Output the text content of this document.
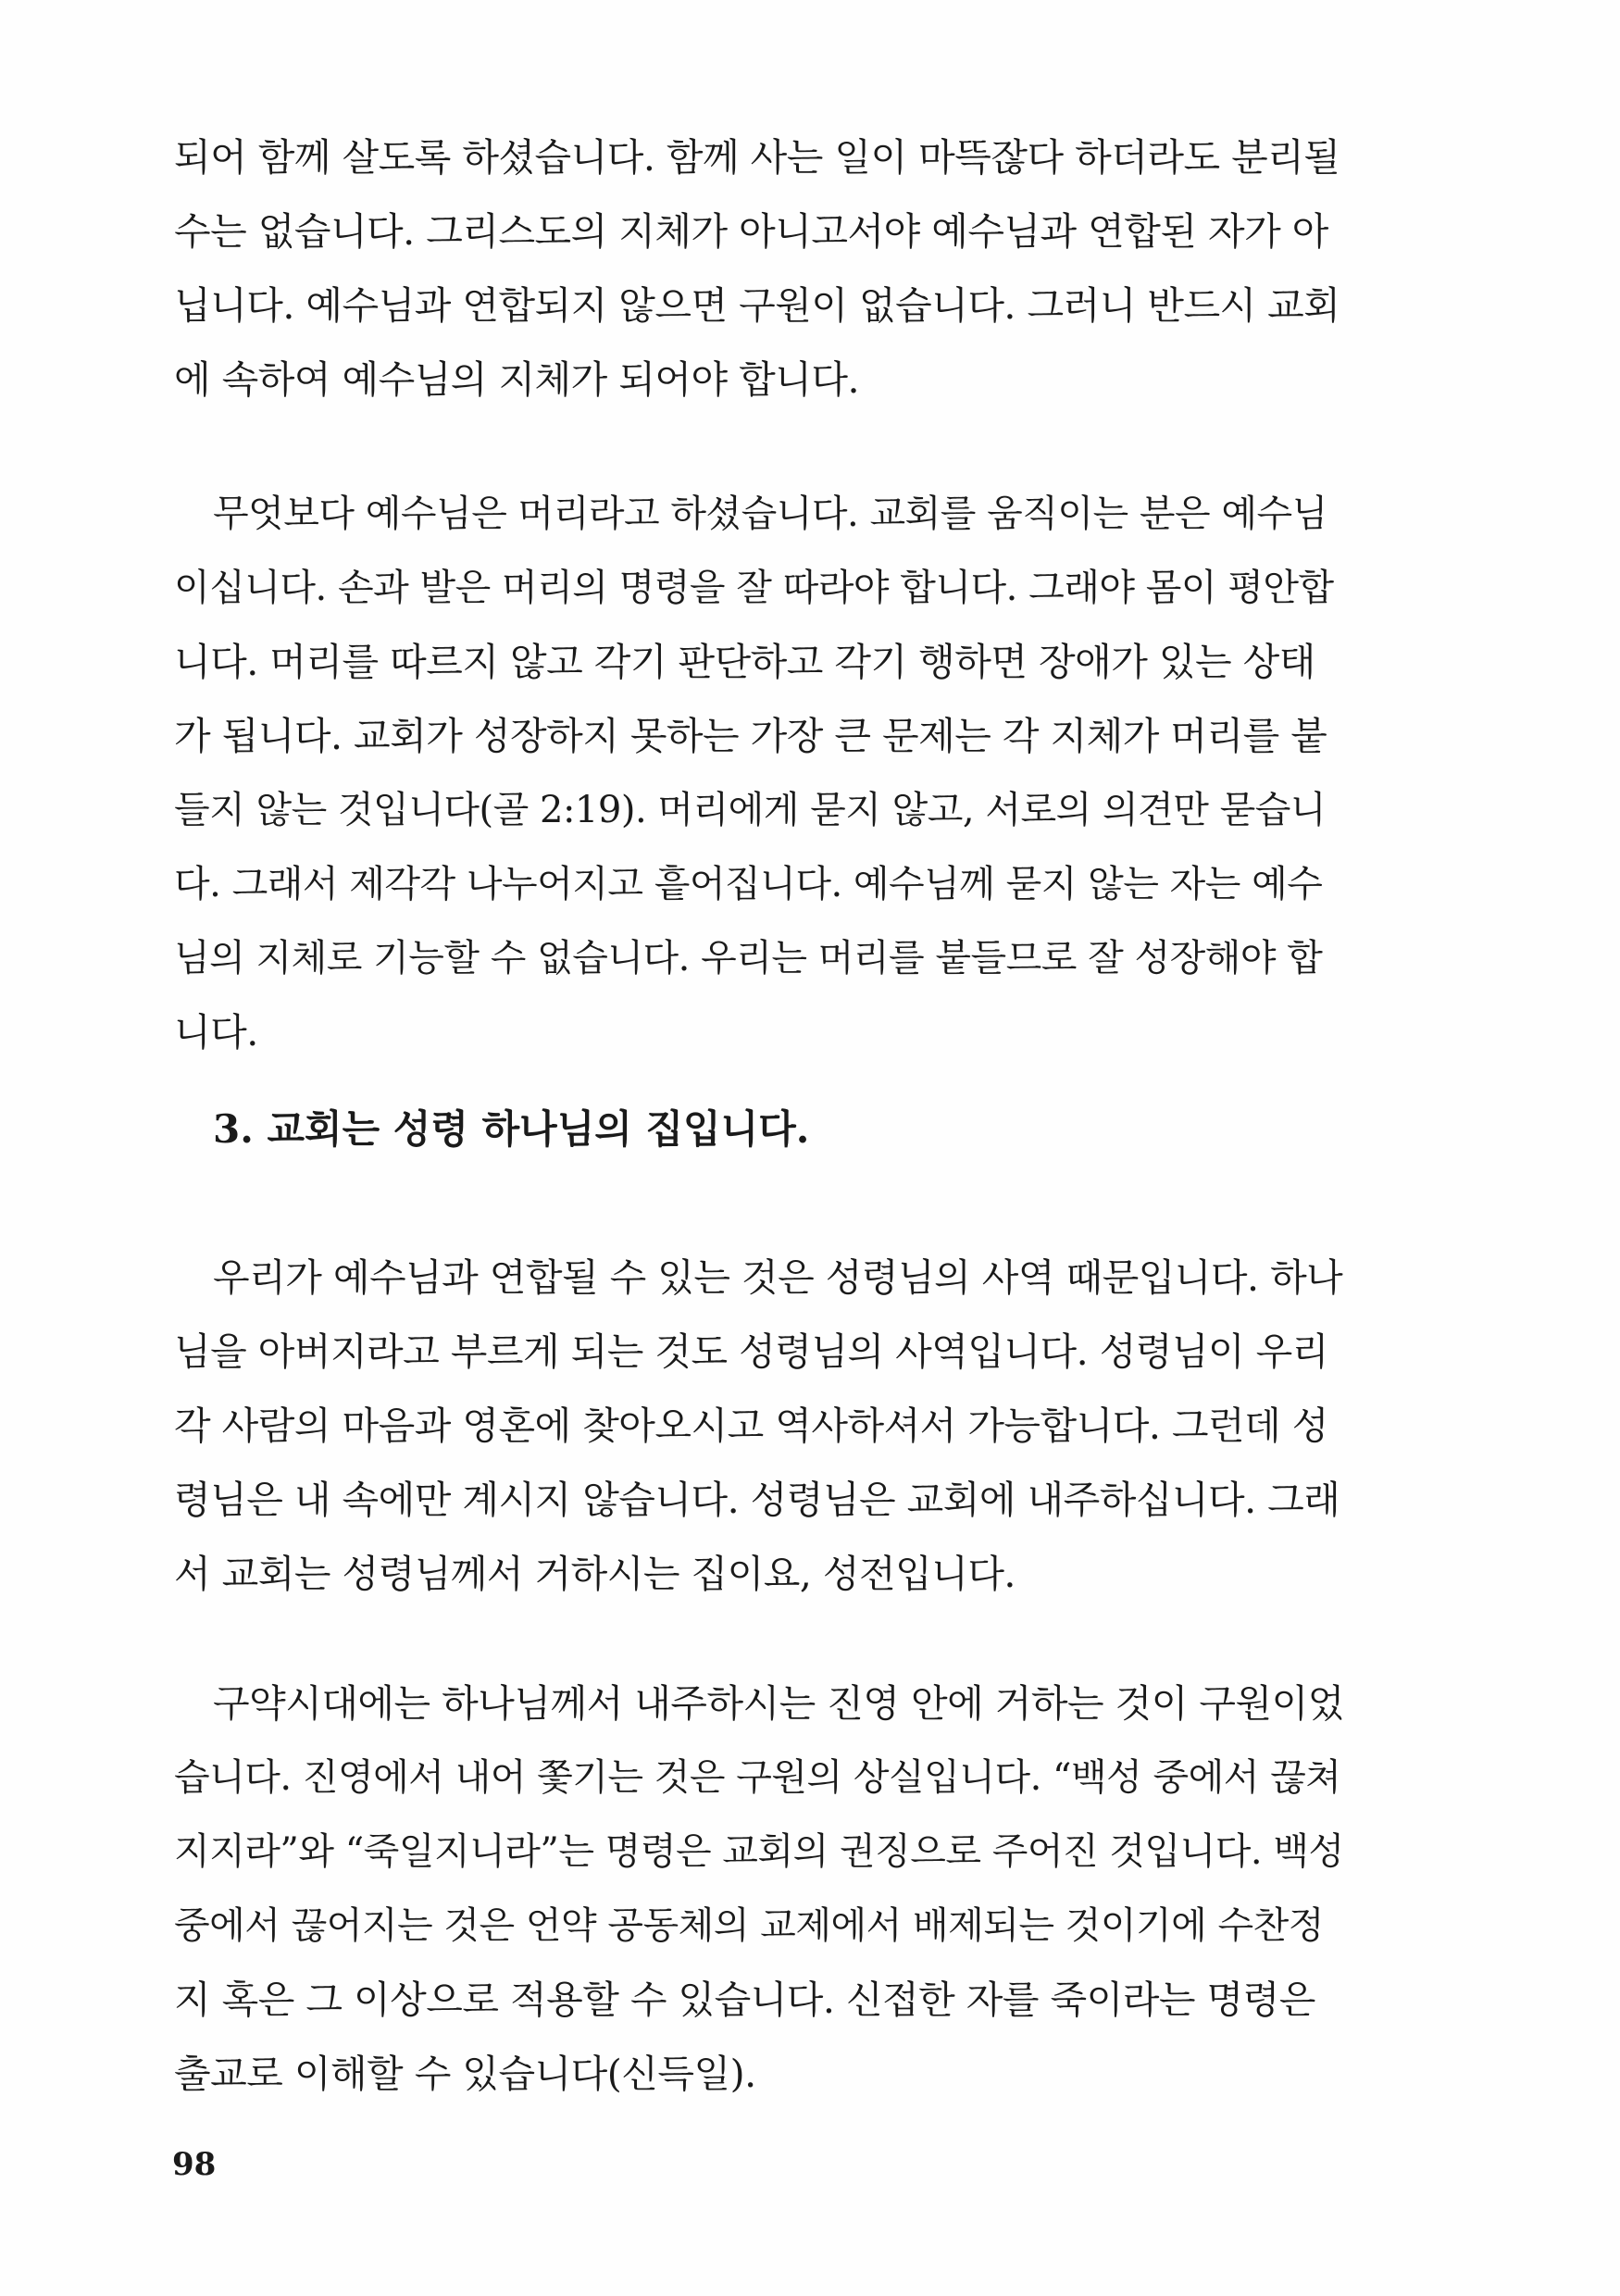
되어 함께 살도록 하셨습니다. 함께 사는 일이 마뜩잖다 하더라도 분리될
수는 없습니다. 그리스도의 지체가 아니고서야 예수님과 연합된 자가 아
닙니다. 예수님과 연합되지 않으면 구원이 없습니다. 그러니 반드시 교회
에 속하여 예수님의 지체가 되어야 합니다.
무엇보다 예수님은 머리라고 하셨습니다. 교회를 움직이는 분은 예수님
이십니다. 손과 발은 머리의 명령을 잘 따라야 합니다. 그래야 몸이 평안합
니다. 머리를 따르지 않고 각기 판단하고 각기 행하면 장애가 있는 상태
가 됩니다. 교회가 성장하지 못하는 가장 큰 문제는 각 지체가 머리를 붙
들지 않는 것입니다(골 2:19). 머리에게 묻지 않고, 서로의 의견만 묻습니
다. 그래서 제각각 나누어지고 흩어집니다. 예수님께 묻지 않는 자는 예수
님의 지체로 기능할 수 없습니다. 우리는 머리를 붙들므로 잘 성장해야 합
니다.
3. 교회는 성령 하나님의 집입니다.
우리가 예수님과 연합될 수 있는 것은 성령님의 사역 때문입니다. 하나
님을 아버지라고 부르게 되는 것도 성령님의 사역입니다. 성령님이 우리
각 사람의 마음과 영혼에 찾아오시고 역사하셔서 가능합니다. 그런데 성
령님은 내 속에만 계시지 않습니다. 성령님은 교회에 내주하십니다. 그래
서 교회는 성령님께서 거하시는 집이요, 성전입니다.
구약시대에는 하나님께서 내주하시는 진영 안에 거하는 것이 구원이었
습니다. 진영에서 내어 쫓기는 것은 구원의 상실입니다. “백성 중에서 끊쳐
지지라”와 “죽일지니라”는 명령은 교회의 권징으로 주어진 것입니다. 백성
중에서 끊어지는 것은 언약 공동체의 교제에서 배제되는 것이기에 수찬정
지 혹은 그 이상으로 적용할 수 있습니다. 신접한 자를 죽이라는 명령은
출교로 이해할 수 있습니다(신득일).
98
